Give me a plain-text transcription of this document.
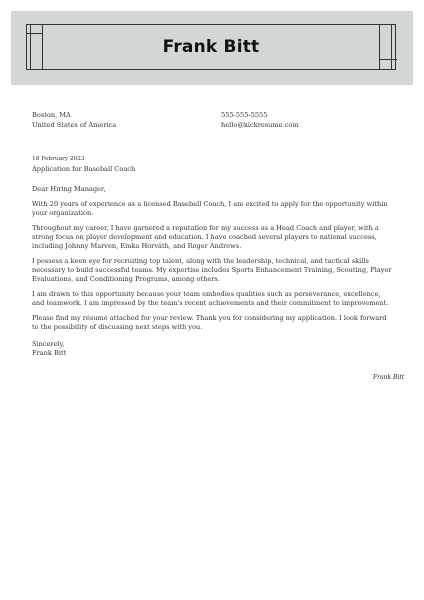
Frank Bitt
Boston, MA
United States of America
555-555-5555
hello@kickresume.com
18 February 2023
Application for Baseball Coach
Dear Hiring Manager,

With 20 years of experience as a licensed Baseball Coach, I am excited to apply for the opportunity within your organization.

Throughout my career, I have garnered a reputation for my success as a Head Coach and player, with a strong focus on player development and education. I have coached several players to national success, including Johnny Marven, Emka Horváth, and Roger Andrews.

I possess a keen eye for recruiting top talent, along with the leadership, technical, and tactical skills necessary to build successful teams. My expertise includes Sports Enhancement Training, Scouting, Player Evaluations, and Conditioning Programs, among others.

I am drawn to this opportunity because your team embodies qualities such as perseverance, excellence, and teamwork. I am impressed by the team's recent achievements and their commitment to improvement.

Please find my résumé attached for your review. Thank you for considering my application. I look forward to the possibility of discussing next steps with you.

Sincerely,
Frank Bitt
Frank Bitt
